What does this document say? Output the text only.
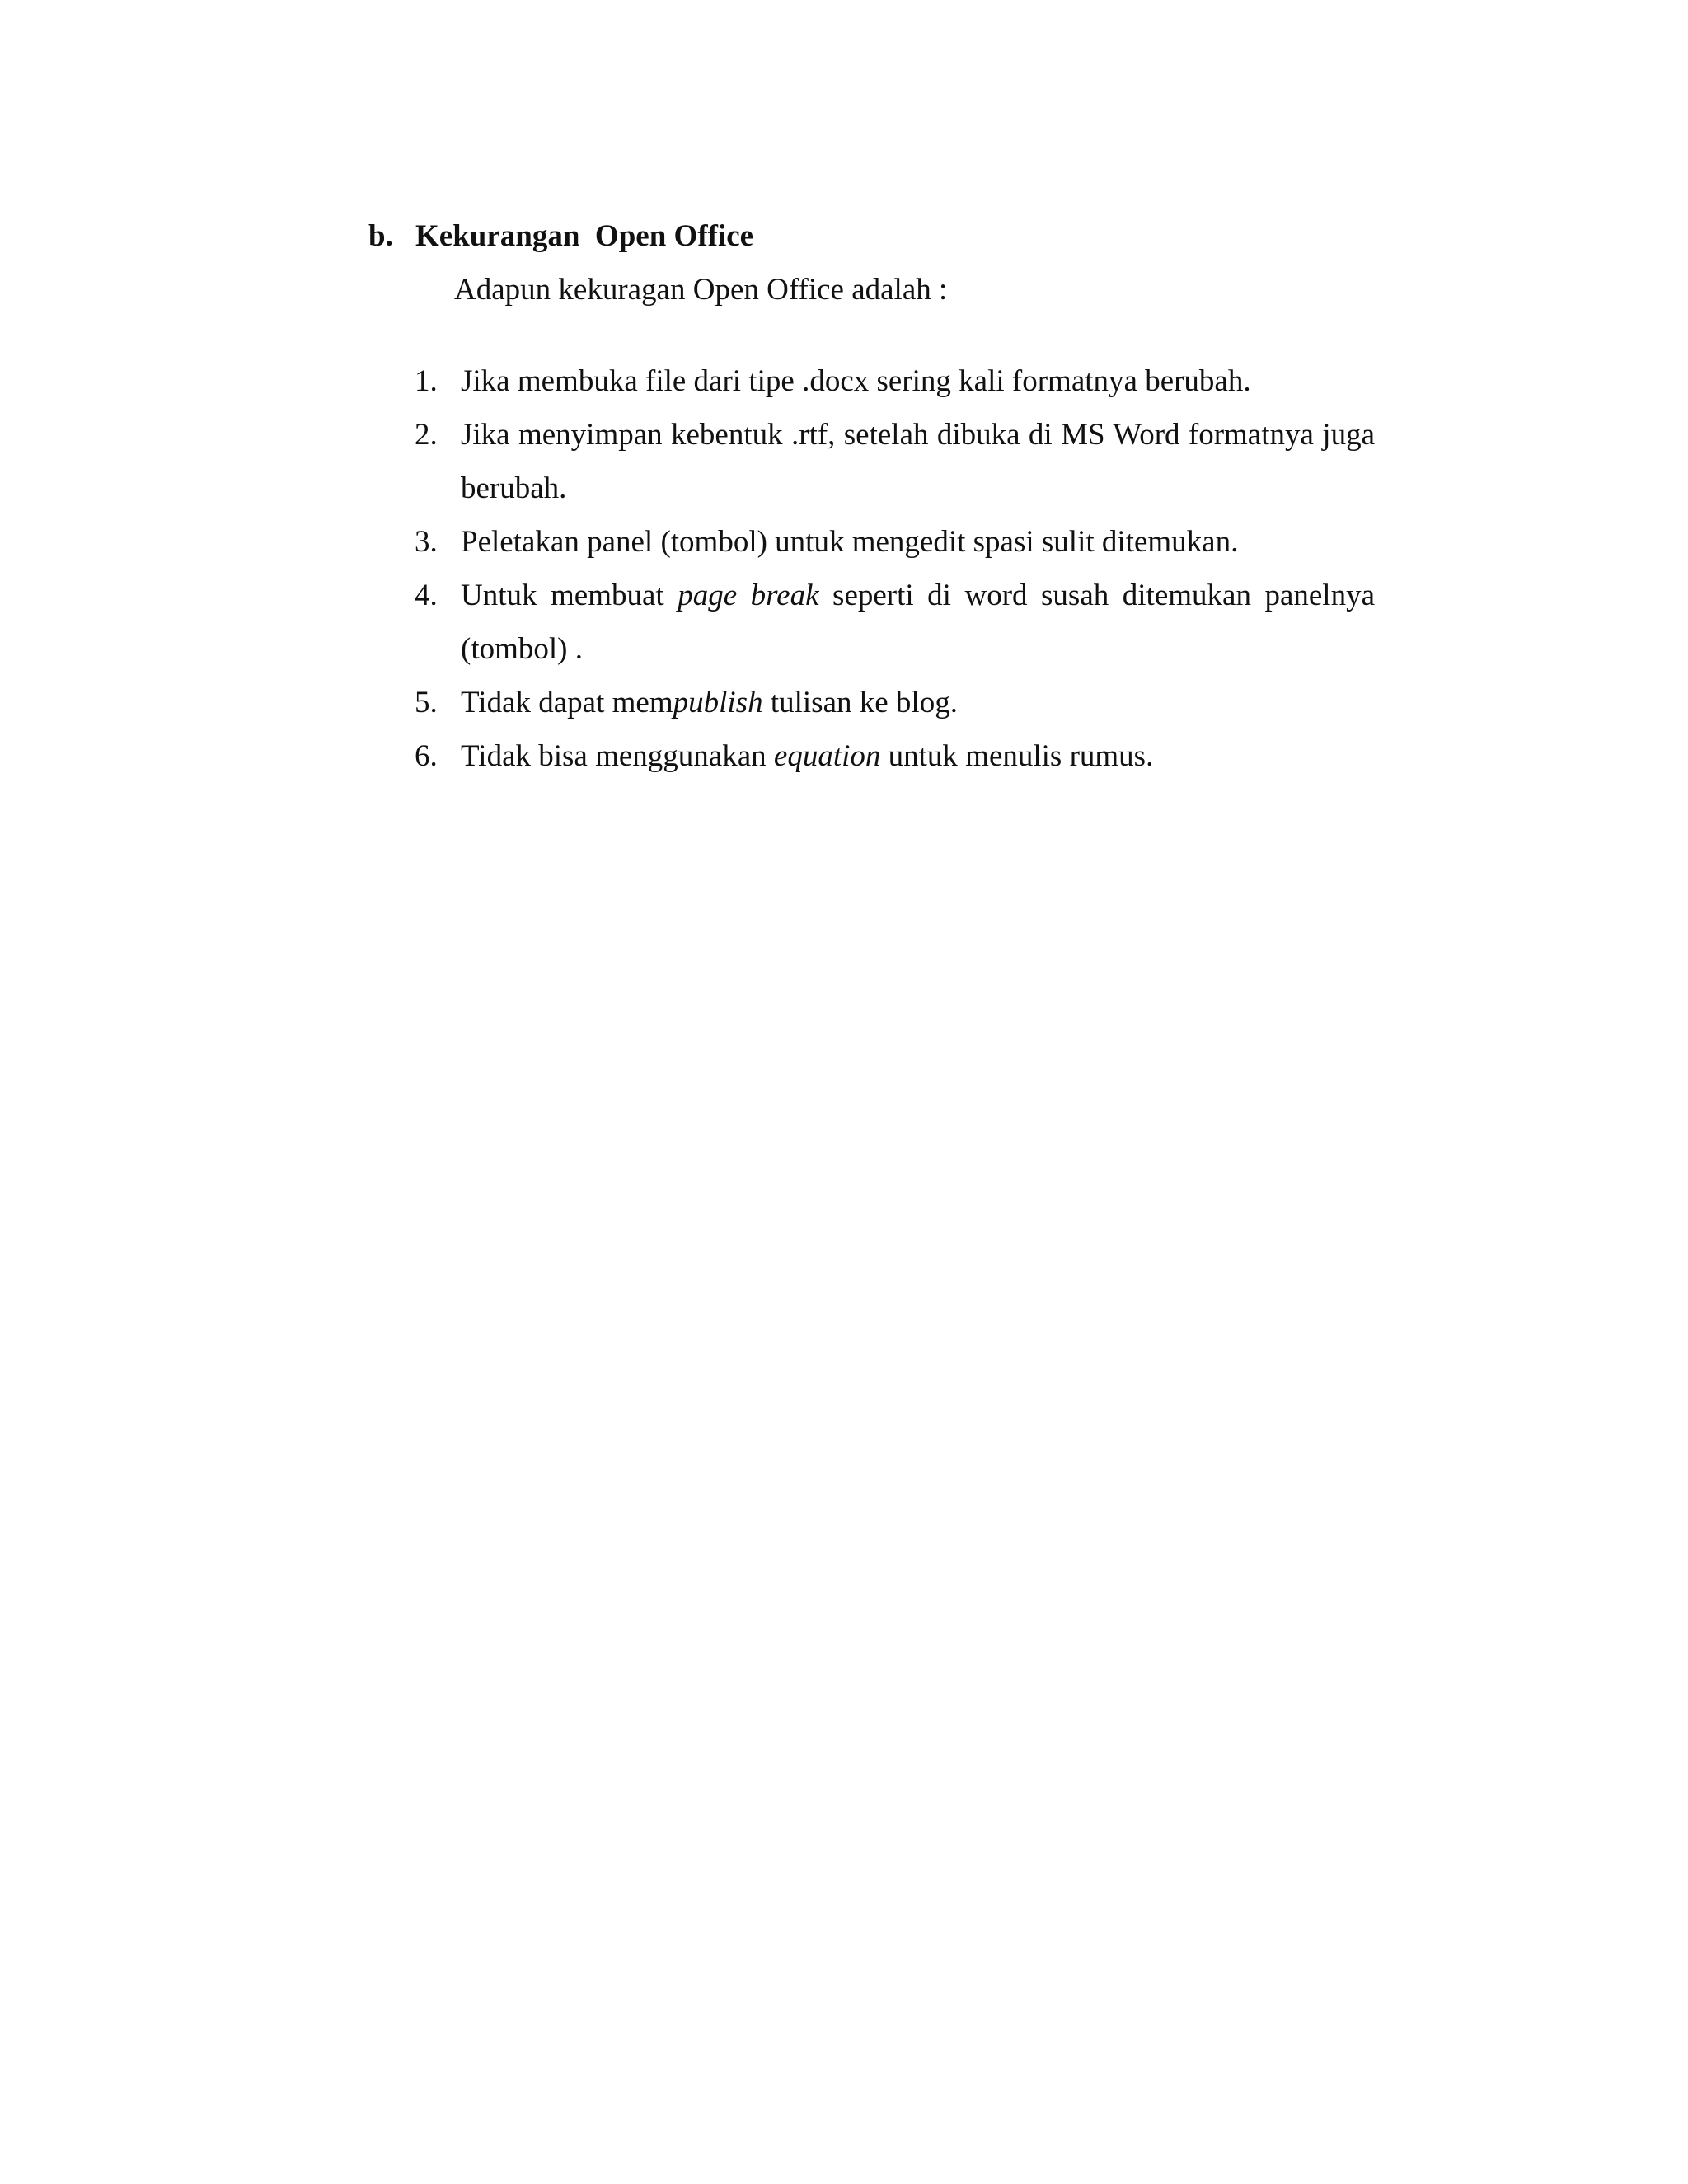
b. Kekurangan  Open Office
Adapun kekuragan Open Office adalah :
1. Jika membuka file dari tipe .docx sering kali formatnya berubah.
2. Jika menyimpan kebentuk .rtf, setelah dibuka di MS Word formatnya juga berubah.
3. Peletakan panel (tombol) untuk mengedit spasi sulit ditemukan.
4. Untuk membuat page break seperti di word susah ditemukan panelnya (tombol) .
5. Tidak dapat mempublish tulisan ke blog.
6. Tidak bisa menggunakan equation untuk menulis rumus.
